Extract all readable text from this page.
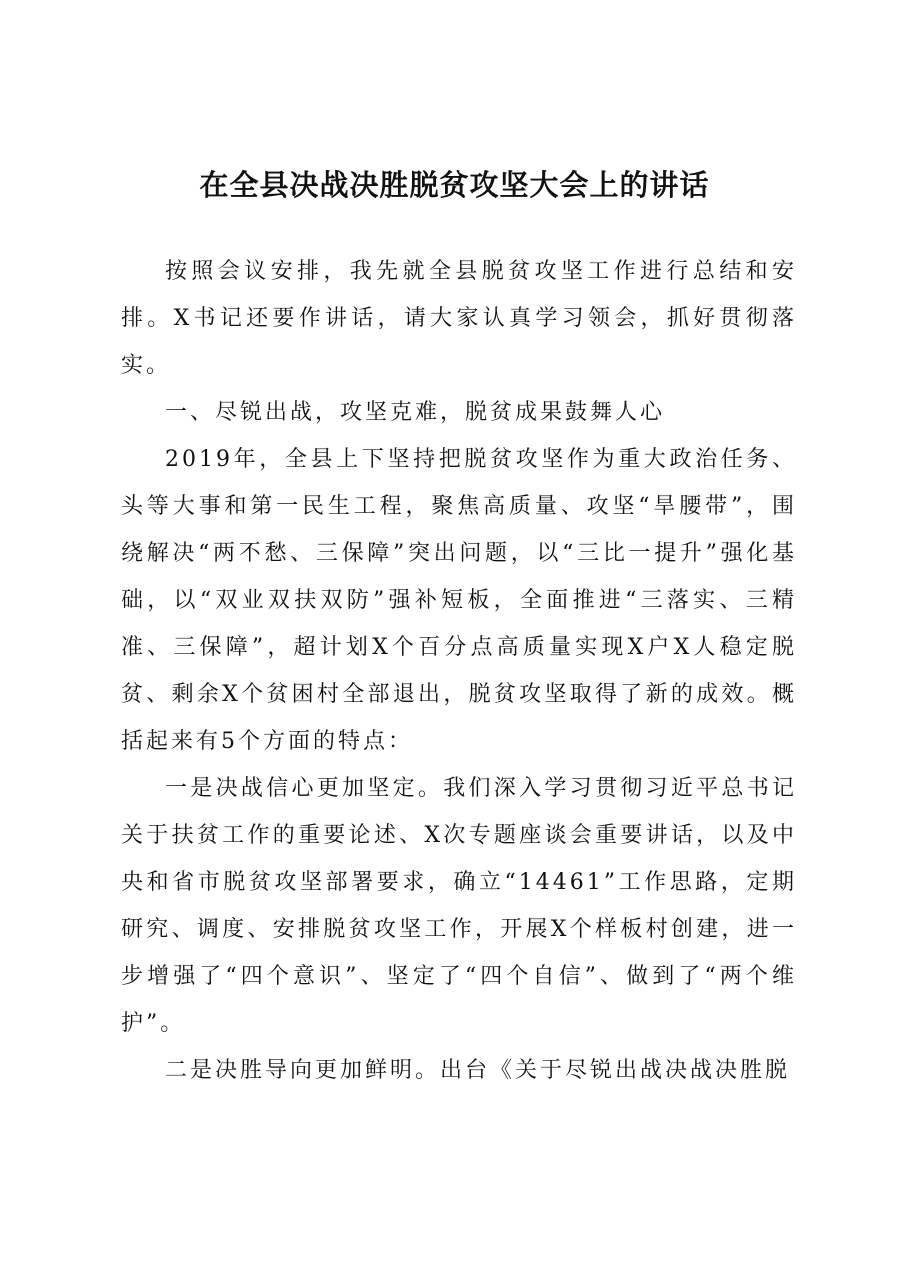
在全县决战决胜脱贫攻坚大会上的讲话

按照会议安排，我先就全县脱贫攻坚工作进行总结和安排。X书记还要作讲话，请大家认真学习领会，抓好贯彻落实。

一、尽锐出战，攻坚克难，脱贫成果鼓舞人心

2019年，全县上下坚持把脱贫攻坚作为重大政治任务、头等大事和第一民生工程，聚焦高质量、攻坚“旱腰带”，围绕解决“两不愁、三保障”突出问题，以“三比一提升”强化基础，以“双业双扶双防”强补短板，全面推进“三落实、三精准、三保障”，超计划X个百分点高质量实现X户X人稳定脱贫、剩余X个贫困村全部退出，脱贫攻坚取得了新的成效。概括起来有5个方面的特点：

一是决战信心更加坚定。我们深入学习贯彻习近平总书记关于扶贫工作的重要论述、X次专题座谈会重要讲话，以及中央和省市脱贫攻坚部署要求，确立“14461”工作思路，定期研究、调度、安排脱贫攻坚工作，开展X个样板村创建，进一步增强了“四个意识”、坚定了“四个自信”、做到了“两个维护”。

二是决胜导向更加鲜明。出台《关于尽锐出战决战决胜脱
